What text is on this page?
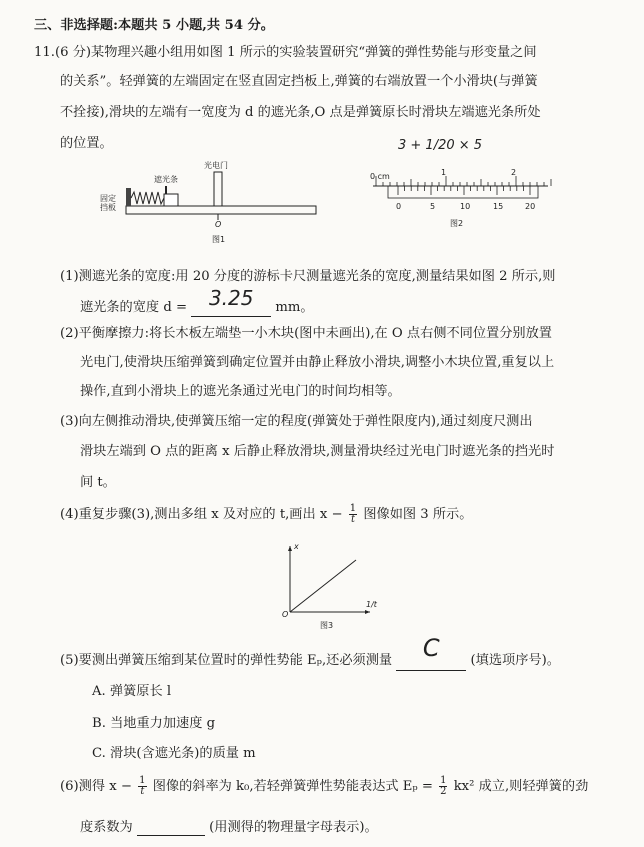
三、非选择题:本题共 5 小题,共 54 分。
11.(6 分)某物理兴趣小组用如图 1 所示的实验装置研究“弹簧的弹性势能与形变量之间
的关系”。轻弹簧的左端固定在竖直固定挡板上,弹簧的右端放置一个小滑块(与弹簧
不拴接),滑块的左端有一宽度为 d 的遮光条,O 点是弹簧原长时滑块左端遮光条所处
的位置。
固定挡板
遮光条
光电门
O
图1
3 + 1/20 × 5
0 cm	1	2
0	5	10	15	20
图2
(1)测遮光条的宽度:用 20 分度的游标卡尺测量遮光条的宽度,测量结果如图 2 所示,则
遮光条的宽度 d = 3.25 mm。
(2)平衡摩擦力:将长木板左端垫一小木块(图中未画出),在 O 点右侧不同位置分别放置
光电门,使滑块压缩弹簧到确定位置并由静止释放小滑块,调整小木块位置,重复以上
操作,直到小滑块上的遮光条通过光电门的时间均相等。
(3)向左侧推动滑块,使弹簧压缩一定的程度(弹簧处于弹性限度内),通过刻度尺测出
滑块左端到 O 点的距离 x 后静止释放滑块,测量滑块经过光电门时遮光条的挡光时
间 t。
(4)重复步骤(3),测出多组 x 及对应的 t,画出 $x - \frac{1}{t}$ 图像如图 3 所示。
x
1/t
O
图3
(5)要测出弹簧压缩到某位置时的弹性势能 Eₚ,还必须测量 C (填选项序号)。
A. 弹簧原长 l
B. 当地重力加速度 g
C. 滑块(含遮光条)的质量 m
(6)测得 $x - \frac{1}{t}$ 图像的斜率为 k₀,若轻弹簧弹性势能表达式 $E_p = \frac{1}{2} kx^2$ 成立,则轻弹簧的劲
度系数为	(用测得的物理量字母表示)。
